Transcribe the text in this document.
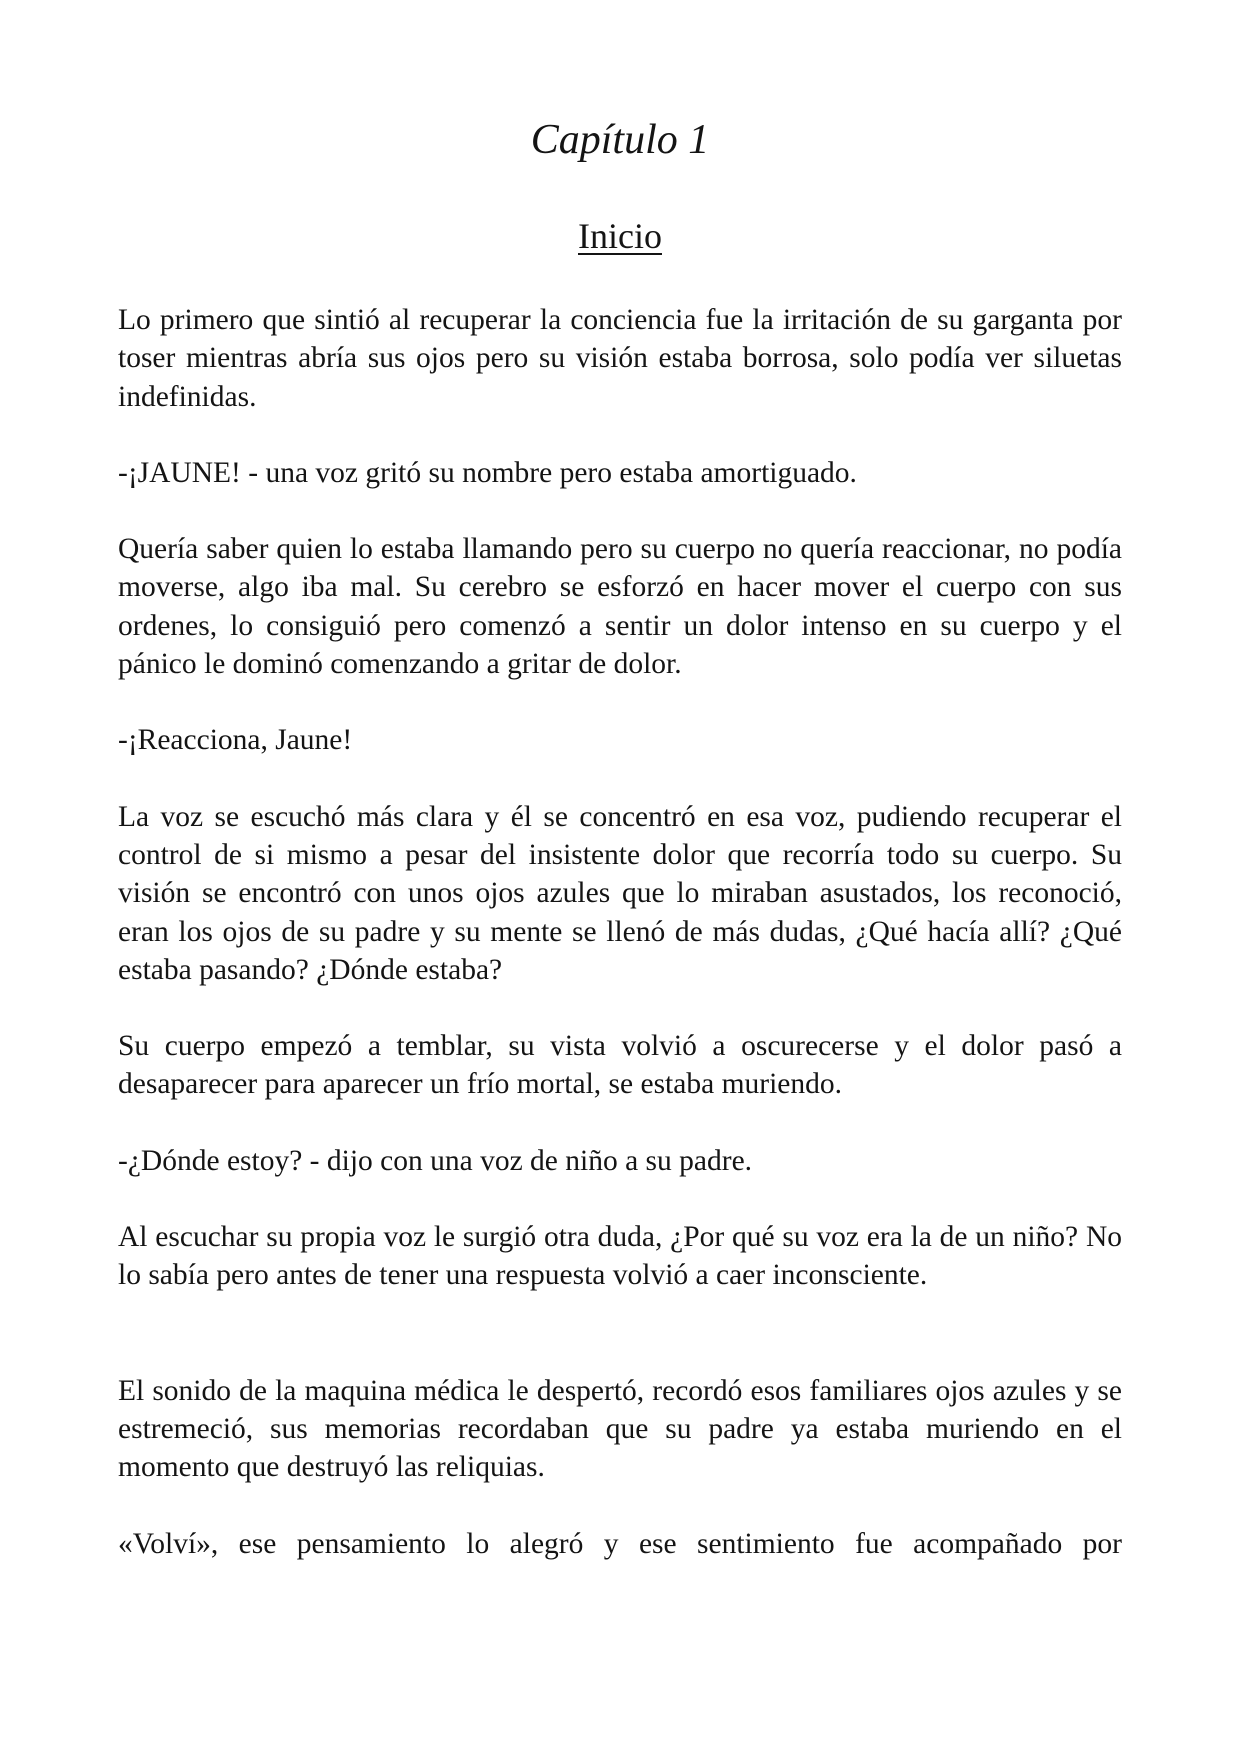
Capítulo 1
Inicio

Lo primero que sintió al recuperar la conciencia fue la irritación de su garganta por toser mientras abría sus ojos pero su visión estaba borrosa, solo podía ver siluetas indefinidas.

-¡JAUNE! - una voz gritó su nombre pero estaba amortiguado.

Quería saber quien lo estaba llamando pero su cuerpo no quería reaccionar, no podía moverse, algo iba mal. Su cerebro se esforzó en hacer mover el cuerpo con sus ordenes, lo consiguió pero comenzó a sentir un dolor intenso en su cuerpo y el pánico le dominó comenzando a gritar de dolor.

-¡Reacciona, Jaune!

La voz se escuchó más clara y él se concentró en esa voz, pudiendo recuperar el control de si mismo a pesar del insistente dolor que recorría todo su cuerpo. Su visión se encontró con unos ojos azules que lo miraban asustados, los reconoció, eran los ojos de su padre y su mente se llenó de más dudas, ¿Qué hacía allí? ¿Qué estaba pasando? ¿Dónde estaba?

Su cuerpo empezó a temblar, su vista volvió a oscurecerse y el dolor pasó a desaparecer para aparecer un frío mortal, se estaba muriendo.

-¿Dónde estoy? - dijo con una voz de niño a su padre.

Al escuchar su propia voz le surgió otra duda, ¿Por qué su voz era la de un niño? No lo sabía pero antes de tener una respuesta volvió a caer inconsciente.

El sonido de la maquina médica le despertó, recordó esos familiares ojos azules y se estremeció, sus memorias recordaban que su padre ya estaba muriendo en el momento que destruyó las reliquias.

«Volví», ese pensamiento lo alegró y ese sentimiento fue acompañado por
